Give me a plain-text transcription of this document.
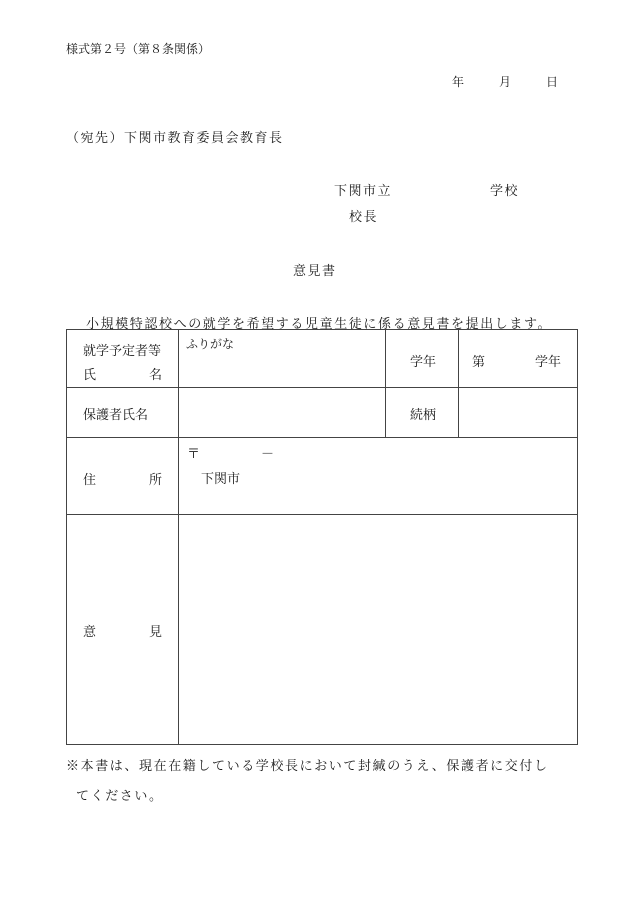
様式第２号（第８条関係）
年	月	日
（宛先）下関市教育委員会教育長
下関市立	学校
校長
意見書
小規模特認校への就学を希望する児童生徒に係る意見書を提出します。
就学予定者等
氏 名	ふりがな	学年	第 学年

保護者氏名		続柄	

住 所	〒 －
下関市		

意 見			

※本書は、現在在籍している学校長において封緘のうえ、保護者に交付し
てください。
